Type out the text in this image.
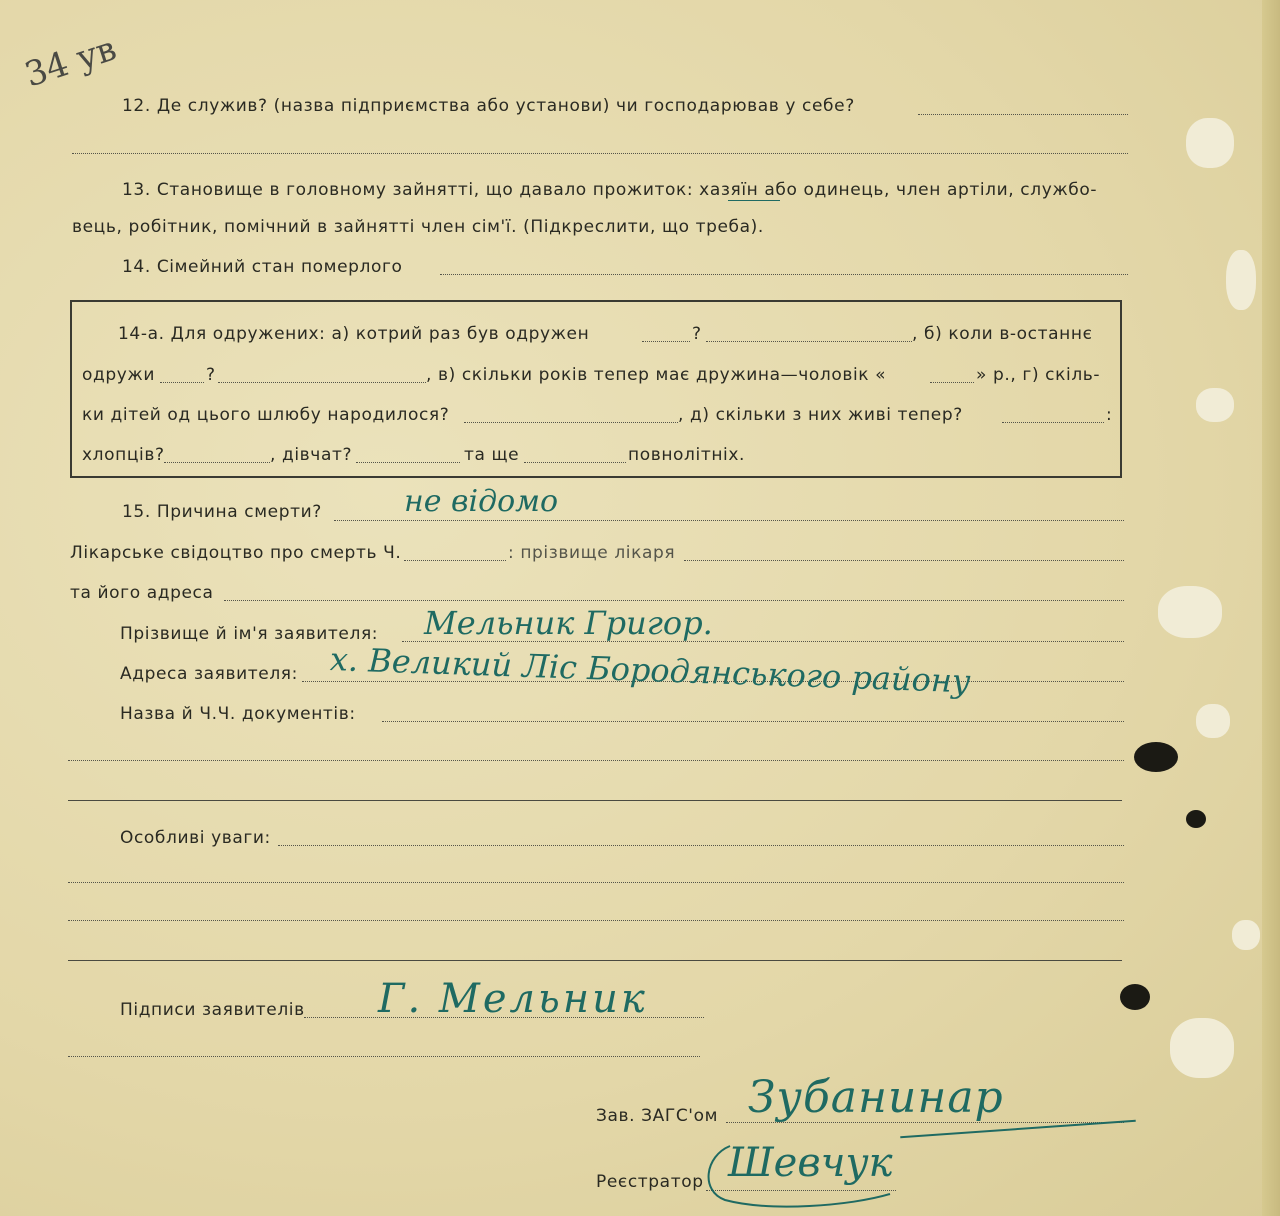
34 ув
12. Де служив? (назва підприємства або установи) чи господарював у себе?
13. Становище в головному зайнятті, що давало прожиток: хазяїн або одинець, член артіли, службо-
вець, робітник, помічний в зайнятті член сім'ї. (Підкреслити, що треба).
14. Сімейний стан померлого
14-а. Для одружених: а) котрий раз був одружен	?	, б) коли в-останнє
одружи	?	, в) скільки років тепер має дружина—чоловік «	» р., г) скіль-
ки дітей од цього шлюбу народилося?	, д) скільки з них живі тепер?	:
хлопців?	, дівчат?	та ще	повнолітніх.
15. Причина смерти?	не відомо
Лікарське свідоцтво про смерть Ч.	: прізвище лікаря
та його адреса
Прізвище й ім'я заявителя: Мельник Григор.
Адреса заявителя: х. Великий Ліс Бородянського району
Назва й Ч.Ч. документів:
Особливі уваги:
Підписи заявителів Г. Мельник
Зав. ЗАГС'ом Зубанинар
Реєстратор Шевчук
